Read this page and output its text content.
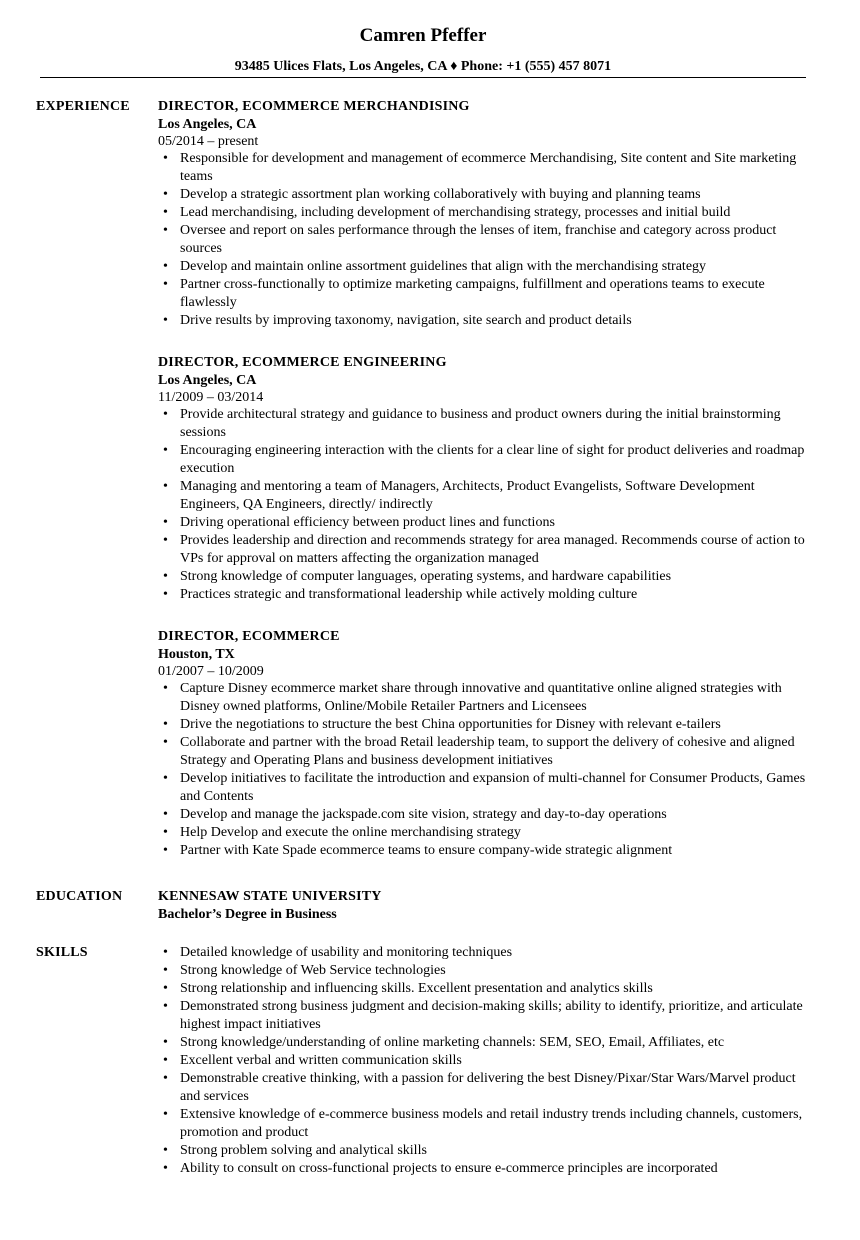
Camren Pfeffer
93485 Ulices Flats, Los Angeles, CA ♦ Phone: +1 (555) 457 8071
EXPERIENCE DIRECTOR, ECOMMERCE MERCHANDISING
Los Angeles, CA
05/2014 – present
• Responsible for development and management of ecommerce Merchandising, Site content and Site marketing teams
• Develop a strategic assortment plan working collaboratively with buying and planning teams
• Lead merchandising, including development of merchandising strategy, processes and initial build
• Oversee and report on sales performance through the lenses of item, franchise and category across product sources
• Develop and maintain online assortment guidelines that align with the merchandising strategy
• Partner cross-functionally to optimize marketing campaigns, fulfillment and operations teams to execute flawlessly
• Drive results by improving taxonomy, navigation, site search and product details
DIRECTOR, ECOMMERCE ENGINEERING
Los Angeles, CA
11/2009 – 03/2014
• Provide architectural strategy and guidance to business and product owners during the initial brainstorming sessions
• Encouraging engineering interaction with the clients for a clear line of sight for product deliveries and roadmap execution
• Managing and mentoring a team of Managers, Architects, Product Evangelists, Software Development Engineers, QA Engineers, directly/ indirectly
• Driving operational efficiency between product lines and functions
• Provides leadership and direction and recommends strategy for area managed. Recommends course of action to VPs for approval on matters affecting the organization managed
• Strong knowledge of computer languages, operating systems, and hardware capabilities
• Practices strategic and transformational leadership while actively molding culture
DIRECTOR, ECOMMERCE
Houston, TX
01/2007 – 10/2009
• Capture Disney ecommerce market share through innovative and quantitative online aligned strategies with Disney owned platforms, Online/Mobile Retailer Partners and Licensees
• Drive the negotiations to structure the best China opportunities for Disney with relevant e-tailers
• Collaborate and partner with the broad Retail leadership team, to support the delivery of cohesive and aligned Strategy and Operating Plans and business development initiatives
• Develop initiatives to facilitate the introduction and expansion of multi-channel for Consumer Products, Games and Contents
• Develop and manage the jackspade.com site vision, strategy and day-to-day operations
• Help Develop and execute the online merchandising strategy
• Partner with Kate Spade ecommerce teams to ensure company-wide strategic alignment
EDUCATION	KENNESAW STATE UNIVERSITY
Bachelor’s Degree in Business
SKILLS
•	Detailed knowledge of usability and monitoring techniques
• Strong knowledge of Web Service technologies
• Strong relationship and influencing skills. Excellent presentation and analytics skills
• Demonstrated strong business judgment and decision-making skills; ability to identify, prioritize, and articulate highest impact initiatives
• Strong knowledge/understanding of online marketing channels: SEM, SEO, Email, Affiliates, etc
• Excellent verbal and written communication skills
• Demonstrable creative thinking, with a passion for delivering the best Disney/Pixar/Star Wars/Marvel product and services
• Extensive knowledge of e-commerce business models and retail industry trends including channels, customers, promotion and product
• Strong problem solving and analytical skills
• Ability to consult on cross-functional projects to ensure e-commerce principles are incorporated
